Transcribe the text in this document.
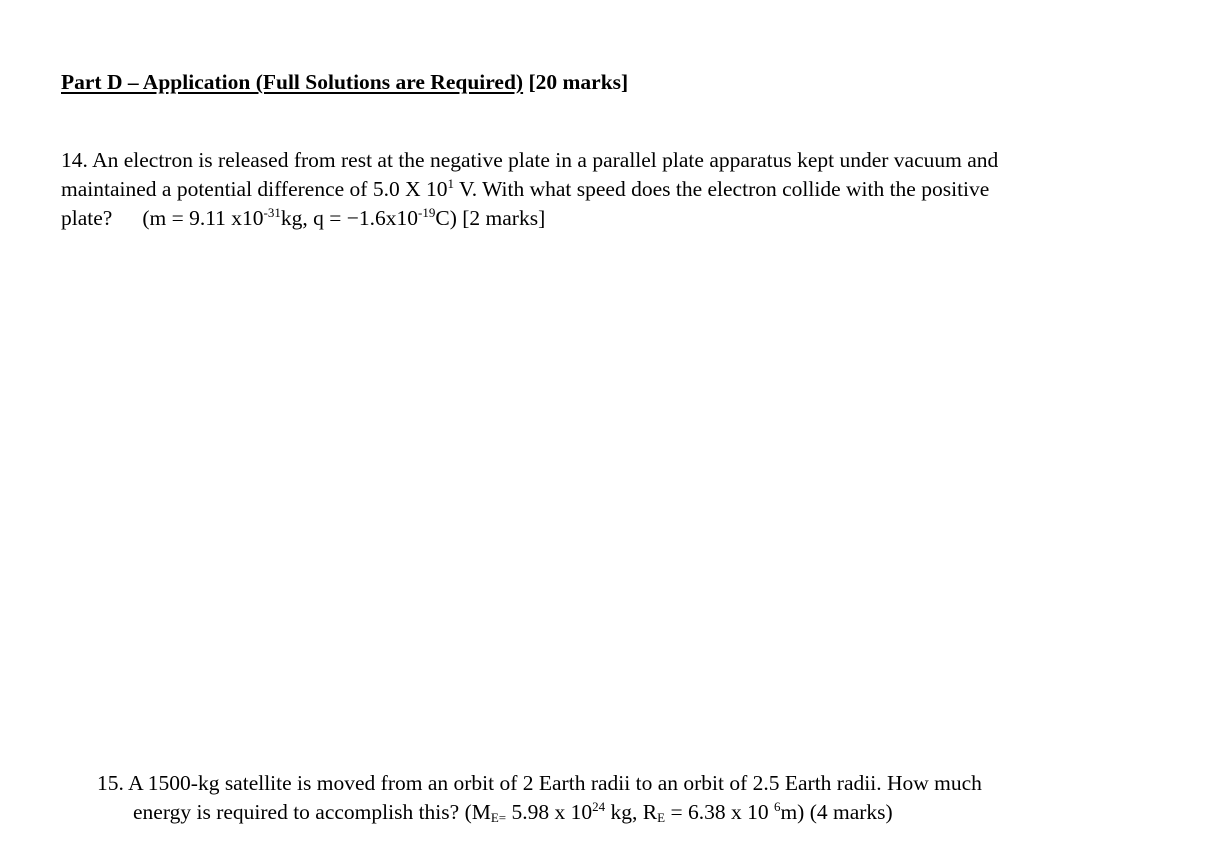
Part D – Application (Full Solutions are Required) [20 marks]
14. An electron is released from rest at the negative plate in a parallel plate apparatus kept under vacuum and
maintained a potential difference of 5.0 X $10^1$ V. With what speed does the electron collide with the positive
plate? (m = 9.11 $x10^{-31}kg$, $q = -1.6x10^{-19}C$) [2 marks]
15. A 1500-kg satellite is moved from an orbit of 2 Earth radii to an orbit of 2.5 Earth radii. How much
energy is required to accomplish this? ($M_{E=}$ 5.98 x $10^{24}$ kg, $R_E = 6.38$ x 10 $^6$m) (4 marks)
